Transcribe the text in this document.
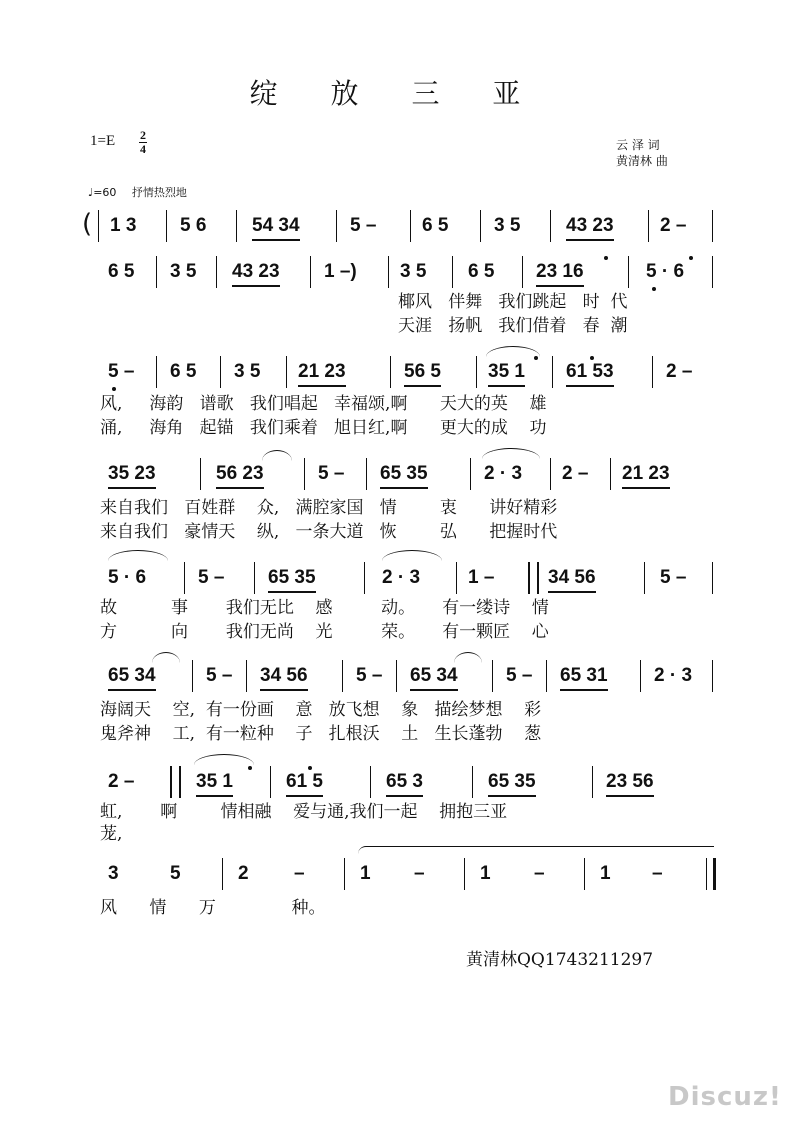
绽 放 三 亚
1=E 2
4	云 泽 词
黄清林 曲
♩=60 抒情热烈地
( 1 3 5 6 54 34	5 – 6 5 3 5 43 23 2 –
6 5 3 5 43 23 1 –) 3 5 6 5 23 16	5 · 6
椰风   伴舞   我们跳起   时  代
天涯   扬帆   我们借着   春  潮
5 – 6 5 3 5 21 23	56 5 35 1 61 53	2 –
风,     海韵   谱歌   我们唱起   幸福颂,啊      天大的英    雄
涌,     海角   起锚   我们乘着   旭日红,啊      更大的成    功
35 23	56 23	5 – 65 35	2 · 3 2 – 21 23
来自我们   百姓群    众,   满腔家国   情        衷      讲好精彩
来自我们   豪情天    纵,   一条大道   恢        弘      把握时代
5 · 6	5 – 65 35	2 · 3	1 –	34 56	5 –
故          事       我们无比    感         动。     有一缕诗    情
方          向       我们无尚    光         荣。     有一颗匠    心
65 34	5 – 34 56	5 – 65 34	5 – 65 31 2 · 3
海阔天    空,  有一份画    意   放飞想    象   描绘梦想    彩
鬼斧神    工,  有一粒种    子   扎根沃    土   生长蓬勃    葱
2 –	35 1	61 5	65 3	65 35	23 56
虹,       啊        情相融    爱与通,我们一起    拥抱三亚
茏,
3	5	2 –	1 –	1 –	1 –
风      情      万              种。
黄清林QQ1743211297
Discuz!
